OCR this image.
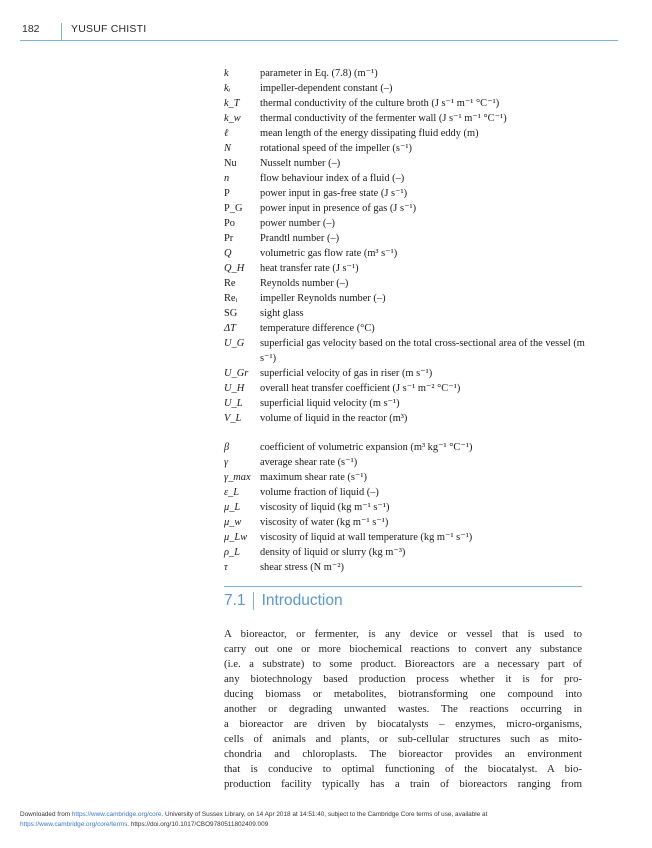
182	YUSUF CHISTI
k	parameter in Eq. (7.8) (m⁻¹)
kᵢ	impeller-dependent constant (–)
k_T	thermal conductivity of the culture broth (J s⁻¹ m⁻¹ °C⁻¹)
k_w	thermal conductivity of the fermenter wall (J s⁻¹ m⁻¹ °C⁻¹)
ℓ	mean length of the energy dissipating fluid eddy (m)
N	rotational speed of the impeller (s⁻¹)
Nu	Nusselt number (–)
n	flow behaviour index of a fluid (–)
P	power input in gas-free state (J s⁻¹)
P_G	power input in presence of gas (J s⁻¹)
Po	power number (–)
Pr	Prandtl number (–)
Q	volumetric gas flow rate (m³ s⁻¹)
Q_H	heat transfer rate (J s⁻¹)
Re	Reynolds number (–)
Reᵢ	impeller Reynolds number (–)
SG	sight glass
ΔT	temperature difference (°C)
U_G	superficial gas velocity based on the total cross-sectional area of the vessel (m s⁻¹)
U_Gr	superficial velocity of gas in riser (m s⁻¹)
U_H	overall heat transfer coefficient (J s⁻¹ m⁻² °C⁻¹)
U_L	superficial liquid velocity (m s⁻¹)
V_L	volume of liquid in the reactor (m³)
β	coefficient of volumetric expansion (m³ kg⁻¹ °C⁻¹)
γ	average shear rate (s⁻¹)
γ_max maximum shear rate (s⁻¹)
ε_L	volume fraction of liquid (–)
μ_L	viscosity of liquid (kg m⁻¹ s⁻¹)
μ_w	viscosity of water (kg m⁻¹ s⁻¹)
μ_Lw	viscosity of liquid at wall temperature (kg m⁻¹ s⁻¹)
ρ_L	density of liquid or slurry (kg m⁻³)
τ	shear stress (N m⁻²)
7.1	Introduction
A bioreactor, or fermenter, is any device or vessel that is used to
carry out one or more biochemical reactions to convert any substance
(i.e. a substrate) to some product. Bioreactors are a necessary part of
any biotechnology based production process whether it is for pro-
ducing biomass or metabolites, biotransforming one compound into
another or degrading unwanted wastes. The reactions occurring in
a bioreactor are driven by biocatalysts – enzymes, micro-organisms,
cells of animals and plants, or sub-cellular structures such as mito-
chondria and chloroplasts. The bioreactor provides an environment
that is conducive to optimal functioning of the biocatalyst. A bio-
production facility typically has a train of bioreactors ranging from
Downloaded from https://www.cambridge.org/core. University of Sussex Library, on 14 Apr 2018 at 14:51:40, subject to the Cambridge Core terms of use, available at
https://www.cambridge.org/core/terms. https://doi.org/10.1017/CBO9780511802409.009
